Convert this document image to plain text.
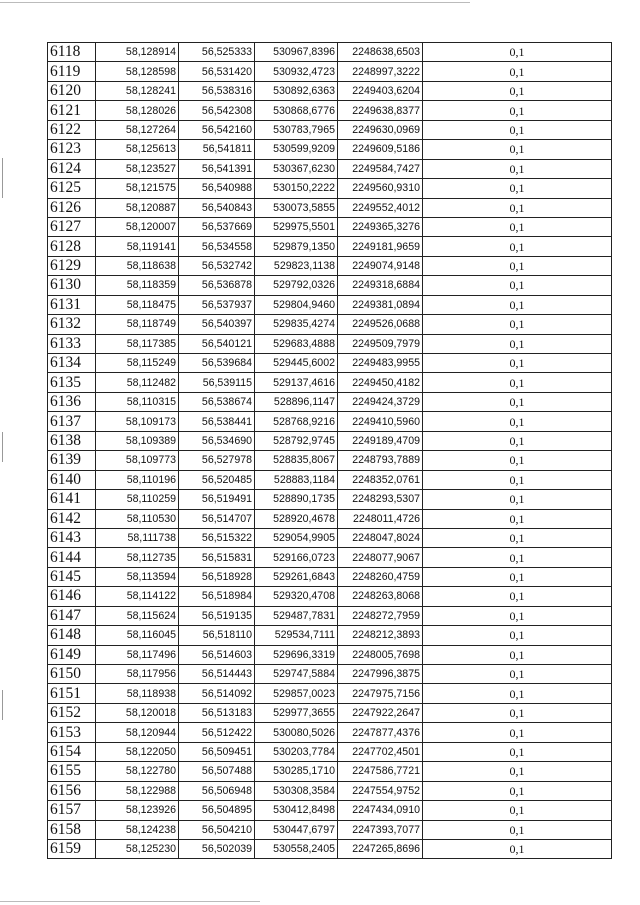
6118	58,128914	56,525333	530967,8396	2248638,6503	0,1
6119	58,128598	56,531420	530932,4723	2248997,3222	0,1
6120	58,128241	56,538316	530892,6363	2249403,6204	0,1
6121	58,128026	56,542308	530868,6776	2249638,8377	0,1
6122	58,127264	56,542160	530783,7965	2249630,0969	0,1
6123	58,125613	56,541811	530599,9209	2249609,5186	0,1
6124	58,123527	56,541391	530367,6230	2249584,7427	0,1
6125	58,121575	56,540988	530150,2222	2249560,9310	0,1
6126	58,120887	56,540843	530073,5855	2249552,4012	0,1
6127	58,120007	56,537669	529975,5501	2249365,3276	0,1
6128	58,119141	56,534558	529879,1350	2249181,9659	0,1
6129	58,118638	56,532742	529823,1138	2249074,9148	0,1
6130	58,118359	56,536878	529792,0326	2249318,6884	0,1
6131	58,118475	56,537937	529804,9460	2249381,0894	0,1
6132	58,118749	56,540397	529835,4274	2249526,0688	0,1
6133	58,117385	56,540121	529683,4888	2249509,7979	0,1
6134	58,115249	56,539684	529445,6002	2249483,9955	0,1
6135	58,112482	56,539115	529137,4616	2249450,4182	0,1
6136	58,110315	56,538674	528896,1147	2249424,3729	0,1
6137	58,109173	56,538441	528768,9216	2249410,5960	0,1
6138	58,109389	56,534690	528792,9745	2249189,4709	0,1
6139	58,109773	56,527978	528835,8067	2248793,7889	0,1
6140	58,110196	56,520485	528883,1184	2248352,0761	0,1
6141	58,110259	56,519491	528890,1735	2248293,5307	0,1
6142	58,110530	56,514707	528920,4678	2248011,4726	0,1
6143	58,111738	56,515322	529054,9905	2248047,8024	0,1
6144	58,112735	56,515831	529166,0723	2248077,9067	0,1
6145	58,113594	56,518928	529261,6843	2248260,4759	0,1
6146	58,114122	56,518984	529320,4708	2248263,8068	0,1
6147	58,115624	56,519135	529487,7831	2248272,7959	0,1
6148	58,116045	56,518110	529534,7111	2248212,3893	0,1
6149	58,117496	56,514603	529696,3319	2248005,7698	0,1
6150	58,117956	56,514443	529747,5884	2247996,3875	0,1
6151	58,118938	56,514092	529857,0023	2247975,7156	0,1
6152	58,120018	56,513183	529977,3655	2247922,2647	0,1
6153	58,120944	56,512422	530080,5026	2247877,4376	0,1
6154	58,122050	56,509451	530203,7784	2247702,4501	0,1
6155	58,122780	56,507488	530285,1710	2247586,7721	0,1
6156	58,122988	56,506948	530308,3584	2247554,9752	0,1
6157	58,123926	56,504895	530412,8498	2247434,0910	0,1
6158	58,124238	56,504210	530447,6797	2247393,7077	0,1
6159	58,125230	56,502039	530558,2405	2247265,8696	0,1
